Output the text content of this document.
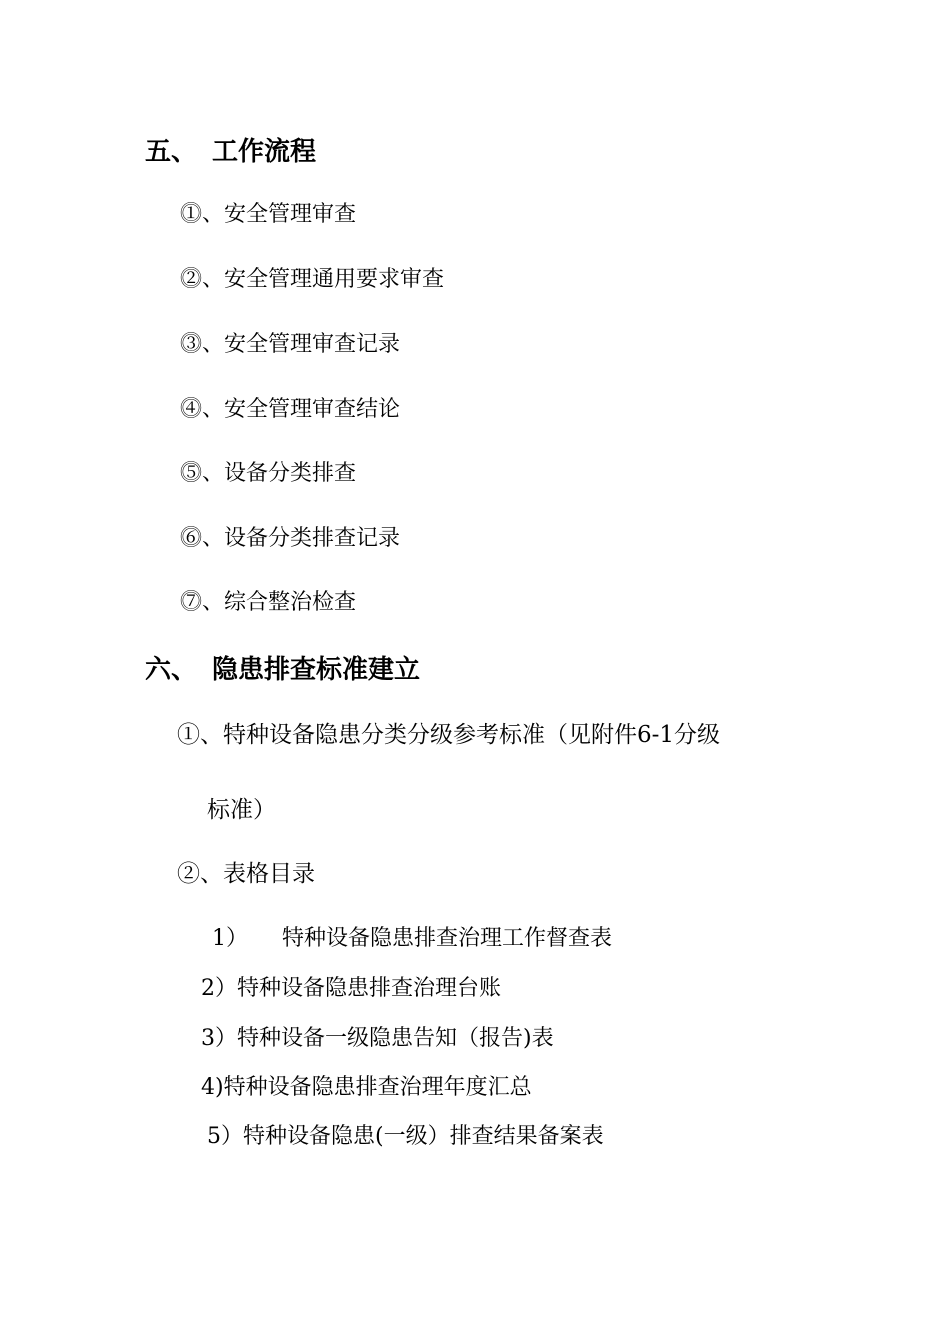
五、 工作流程
⓵、安全管理审查
⓶、安全管理通用要求审查
⓷、安全管理审查记录
⓸、安全管理审查结论
⓹、设备分类排查
⓺、设备分类排查记录
⓻、综合整治检查
六、 隐患排查标准建立
①、特种设备隐患分类分级参考标准（见附件6-1分级
标准）
②、表格目录
1） 特种设备隐患排查治理工作督查表
2）特种设备隐患排查治理台账
3）特种设备一级隐患告知（报告)表
4)特种设备隐患排查治理年度汇总
5）特种设备隐患(一级）排查结果备案表
